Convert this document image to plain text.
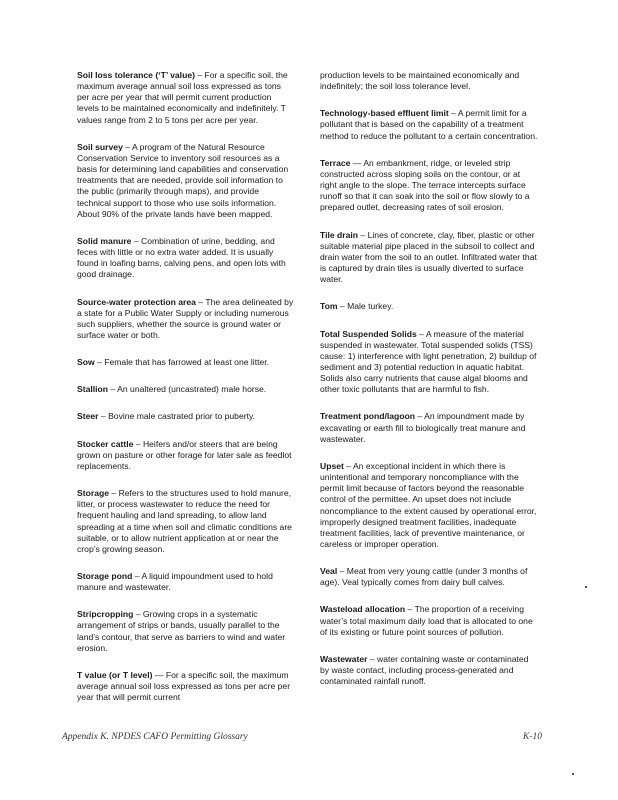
Soil loss tolerance (‘T’ value) – For a specific soil, the maximum average annual soil loss expressed as tons per acre per year that will permit current production levels to be maintained economically and indefinitely. T values range from 2 to 5 tons per acre per year.

Soil survey – A program of the Natural Resource Conservation Service to inventory soil resources as a basis for determining land capabilities and conservation treatments that are needed, provide soil information to the public (primarily through maps), and provide technical support to those who use soils information. About 90% of the private lands have been mapped.

Solid manure – Combination of urine, bedding, and feces with little or no extra water added. It is usually found in loafing barns, calving pens, and open lots with good drainage.

Source-water protection area – The area delineated by a state for a Public Water Supply or including numerous such suppliers, whether the source is ground water or surface water or both.

Sow – Female that has farrowed at least one litter.

Stallion – An unaltered (uncastrated) male horse.

Steer – Bovine male castrated prior to puberty.

Stocker cattle – Heifers and/or steers that are being grown on pasture or other forage for later sale as feedlot replacements.

Storage – Refers to the structures used to hold manure, litter, or process wastewater to reduce the need for frequent hauling and land spreading, to allow land spreading at a time when soil and climatic conditions are suitable, or to allow nutrient application at or near the crop’s growing season.

Storage pond – A liquid impoundment used to hold manure and wastewater.

Stripcropping – Growing crops in a systematic arrangement of strips or bands, usually parallel to the land’s contour, that serve as barriers to wind and water erosion.

T value (or T level) — For a specific soil, the maximum average annual soil loss expressed as tons per acre per year that will permit current

production levels to be maintained economically and indefinitely; the soil loss tolerance level.

Technology-based effluent limit – A permit limit for a pollutant that is based on the capability of a treatment method to reduce the pollutant to a certain concentration.

Terrace — An embankment, ridge, or leveled strip constructed across sloping soils on the contour, or at right angle to the slope. The terrace intercepts surface runoff so that it can soak into the soil or flow slowly to a prepared outlet, decreasing rates of soil erosion.

Tile drain – Lines of concrete, clay, fiber, plastic or other suitable material pipe placed in the subsoil to collect and drain water from the soil to an outlet. Infiltrated water that is captured by drain tiles is usually diverted to surface water.

Tom – Male turkey.

Total Suspended Solids – A measure of the material suspended in wastewater. Total suspended solids (TSS) cause: 1) interference with light penetration, 2) buildup of sediment and 3) potential reduction in aquatic habitat. Solids also carry nutrients that cause algal blooms and other toxic pollutants that are harmful to fish.

Treatment pond/lagoon – An impoundment made by excavating or earth fill to biologically treat manure and wastewater.

Upset – An exceptional incident in which there is unintentional and temporary noncompliance with the permit limit because of factors beyond the reasonable control of the permittee. An upset does not include noncompliance to the extent caused by operational error, improperly designed treatment facilities, inadequate treatment facilities, lack of preventive maintenance, or careless or improper operation.

Veal – Meat from very young cattle (under 3 months of age). Veal typically comes from dairy bull calves.

Wasteload allocation – The proportion of a receiving water’s total maximum daily load that is allocated to one of its existing or future point sources of pollution.

Wastewater – water containing waste or contaminated by waste contact, including process-generated and contaminated rainfall runoff.

Appendix K. NPDES CAFO Permitting Glossary	K-10
